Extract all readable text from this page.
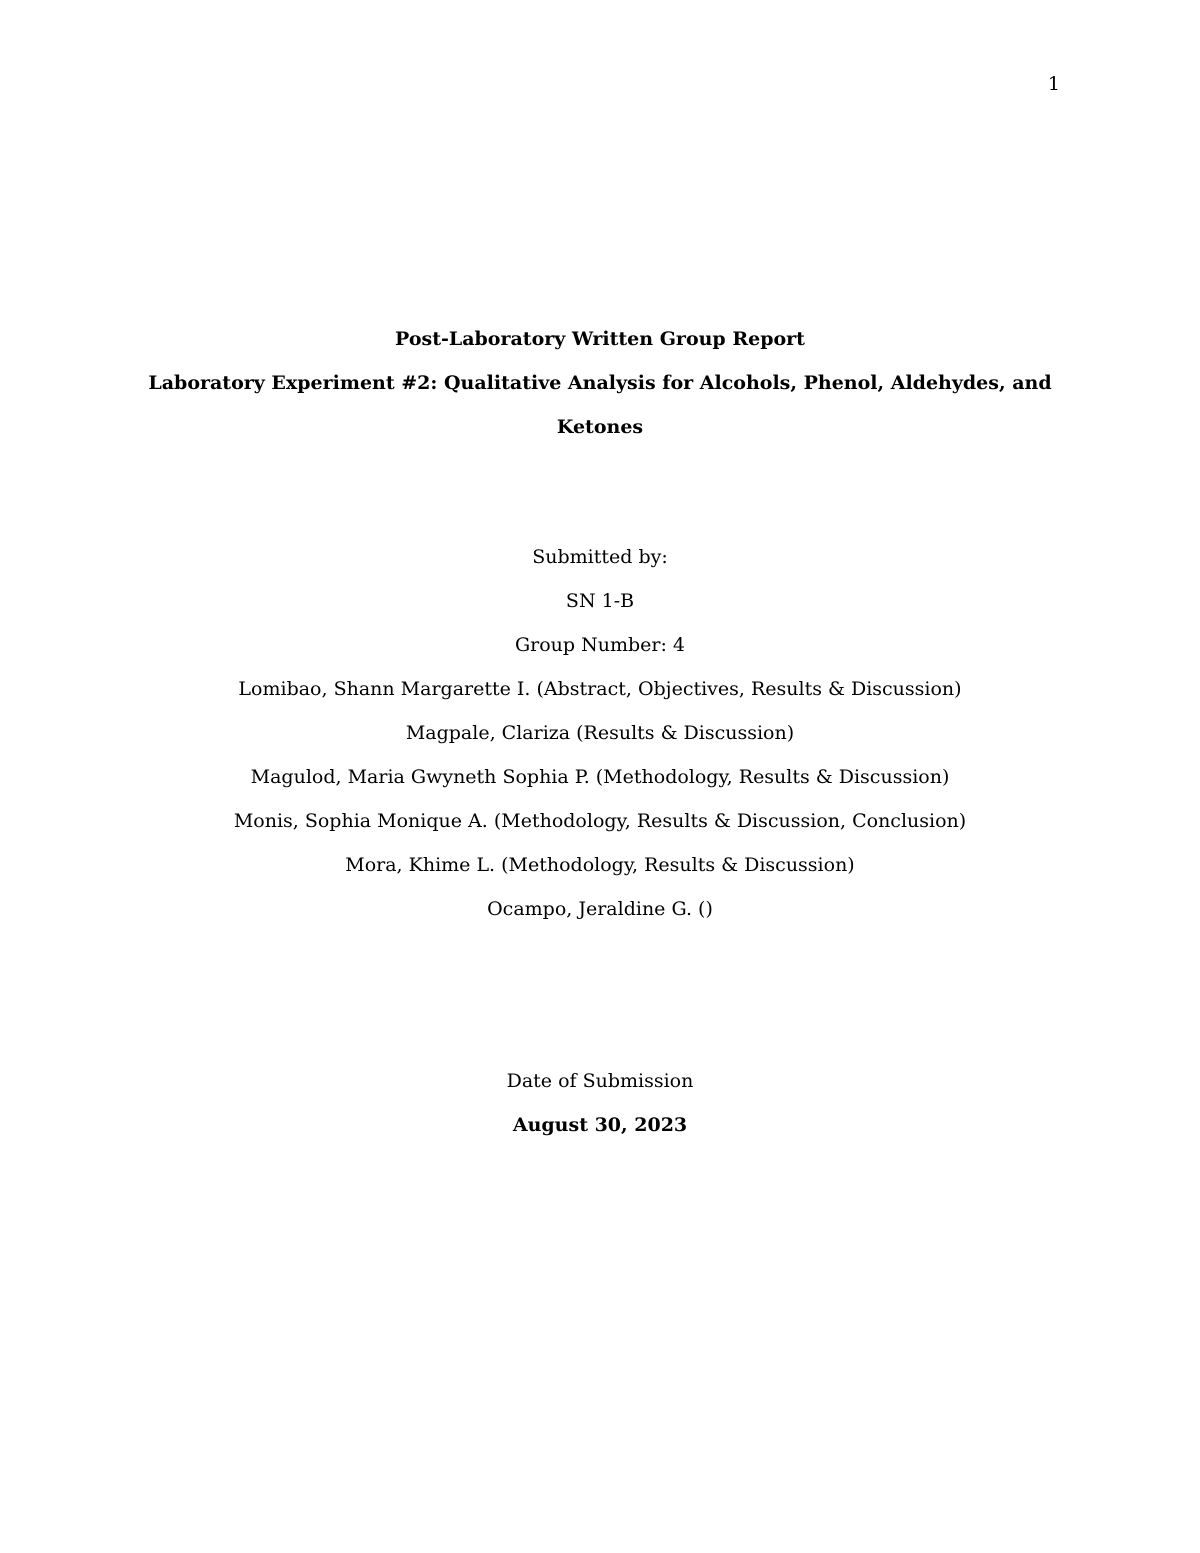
1
Post-Laboratory Written Group Report
Laboratory Experiment #2: Qualitative Analysis for Alcohols, Phenol, Aldehydes, and
Ketones
Submitted by:
SN 1-B
Group Number: 4
Lomibao, Shann Margarette I. (Abstract, Objectives, Results & Discussion)
Magpale, Clariza (Results & Discussion)
Magulod, Maria Gwyneth Sophia P. (Methodology, Results & Discussion)
Monis, Sophia Monique A. (Methodology, Results & Discussion, Conclusion)
Mora, Khime L. (Methodology, Results & Discussion)
Ocampo, Jeraldine G. ()
Date of Submission
August 30, 2023
